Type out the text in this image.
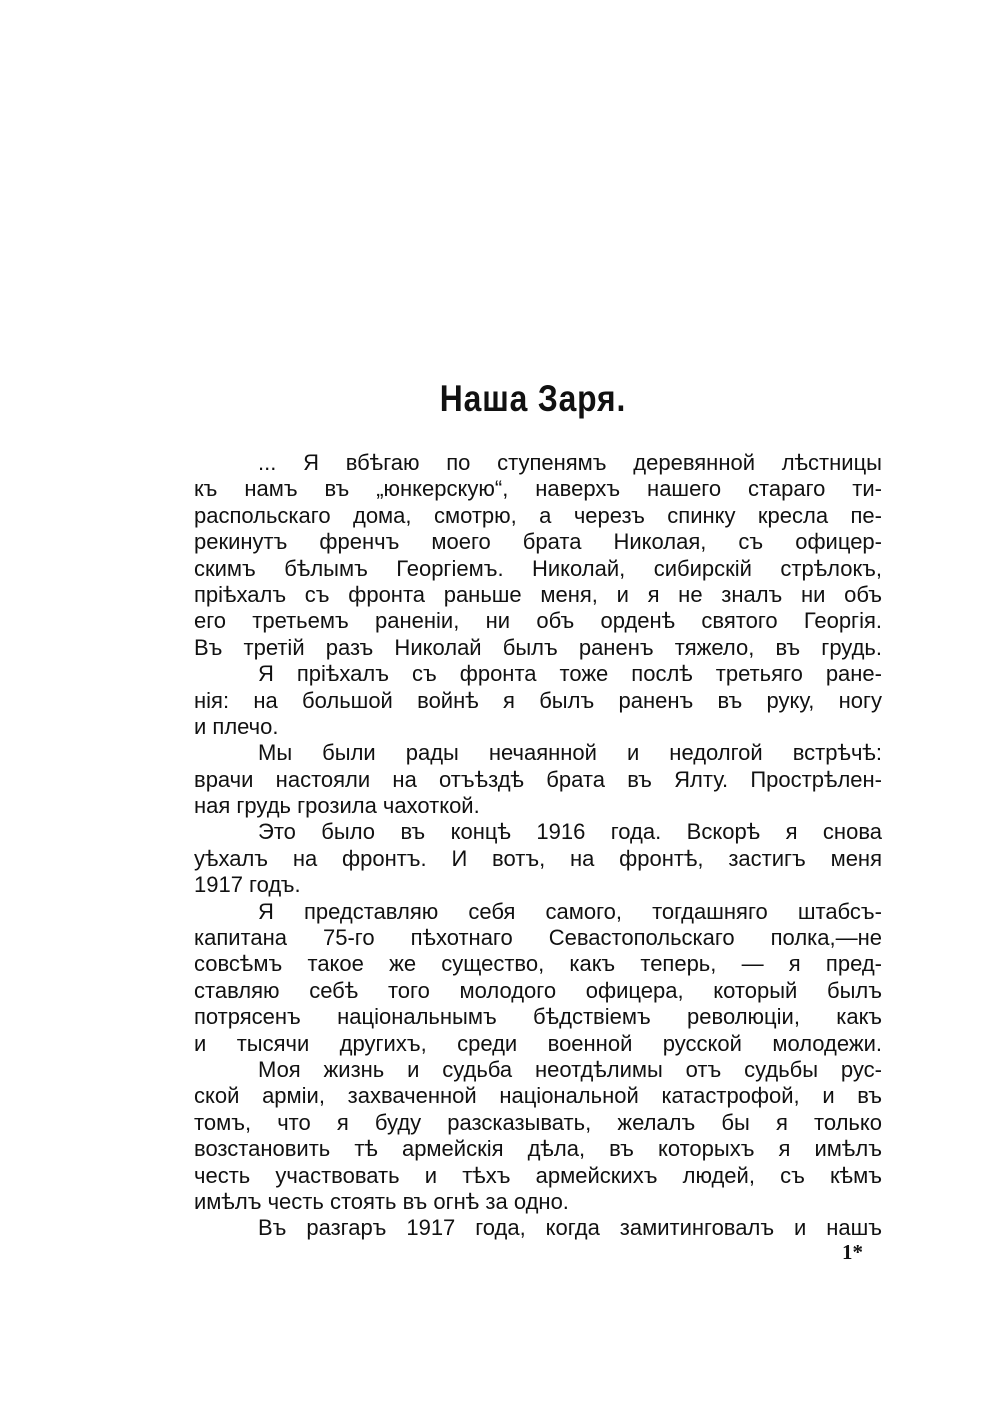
Наша Заря.
... Я вбѣгаю по ступенямъ деревянной лѣстницы
къ намъ въ „юнкерскую“, наверхъ нашего стараго ти-
распольскаго дома, смотрю, а черезъ спинку кресла пе-
рекинутъ френчъ моего брата Николая, съ офицер-
скимъ бѣлымъ Георгіемъ. Николай, сибирскій стрѣлокъ,
пріѣхалъ съ фронта раньше меня, и я не зналъ ни объ
его третьемъ раненіи, ни объ орденѣ святого Георгія.
Въ третій разъ Николай былъ раненъ тяжело, въ грудь.
Я пріѣхалъ съ фронта тоже послѣ третьяго ране-
нія: на большой войнѣ я былъ раненъ въ руку, ногу
и плечо.
Мы были рады нечаянной и недолгой встрѣчѣ:
врачи настояли на отъѣздѣ брата въ Ялту. Прострѣлен-
ная грудь грозила чахоткой.
Это было въ концѣ 1916 года. Вскорѣ я снова
уѣхалъ на фронтъ. И вотъ, на фронтѣ, застигъ меня
1917 годъ.
Я представляю себя самого, тогдашняго штабсъ-
капитана 75-го пѣхотнаго Севастопольскаго полка,—не
совсѣмъ такое же существо, какъ теперь, — я пред-
ставляю себѣ того молодого офицера, который былъ
потрясенъ національнымъ бѣдствіемъ революціи, какъ
и тысячи другихъ, среди военной русской молодежи.
Моя жизнь и судьба неотдѣлимы отъ судьбы рус-
ской арміи, захваченной національной катастрофой, и въ
томъ, что я буду разсказывать, желалъ бы я только
возстановить тѣ армейскія дѣла, въ которыхъ я имѣлъ
честь участвовать и тѣхъ армейскихъ людей, съ кѣмъ
имѣлъ честь стоять въ огнѣ за одно.
Въ разгаръ 1917 года, когда замитинговалъ и нашъ
1*
